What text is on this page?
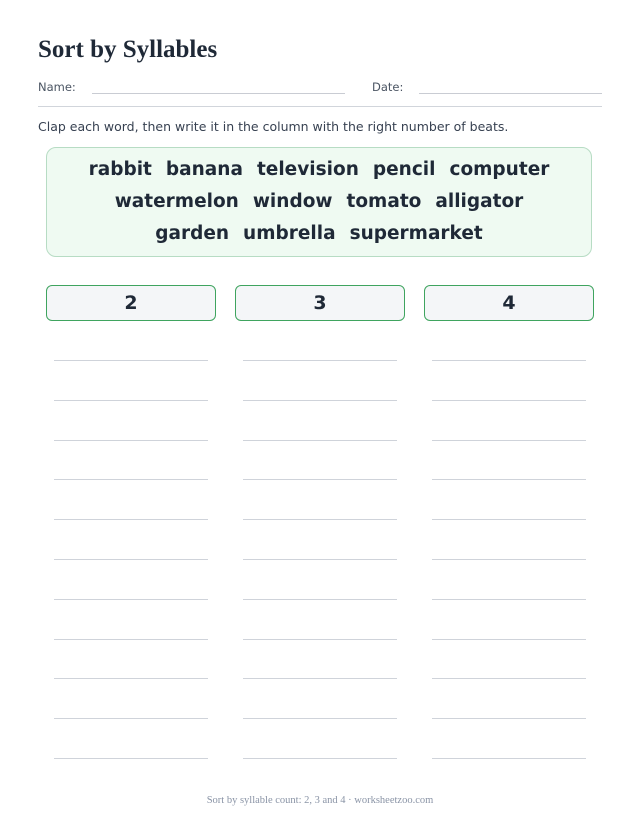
Sort by Syllables
Name:	Date:
Clap each word, then write it in the column with the right number of beats.
rabbit banana television pencil computer
watermelon window tomato alligator
garden umbrella supermarket
2	3	4
Sort by syllable count: 2, 3 and 4 · worksheetzoo.com
